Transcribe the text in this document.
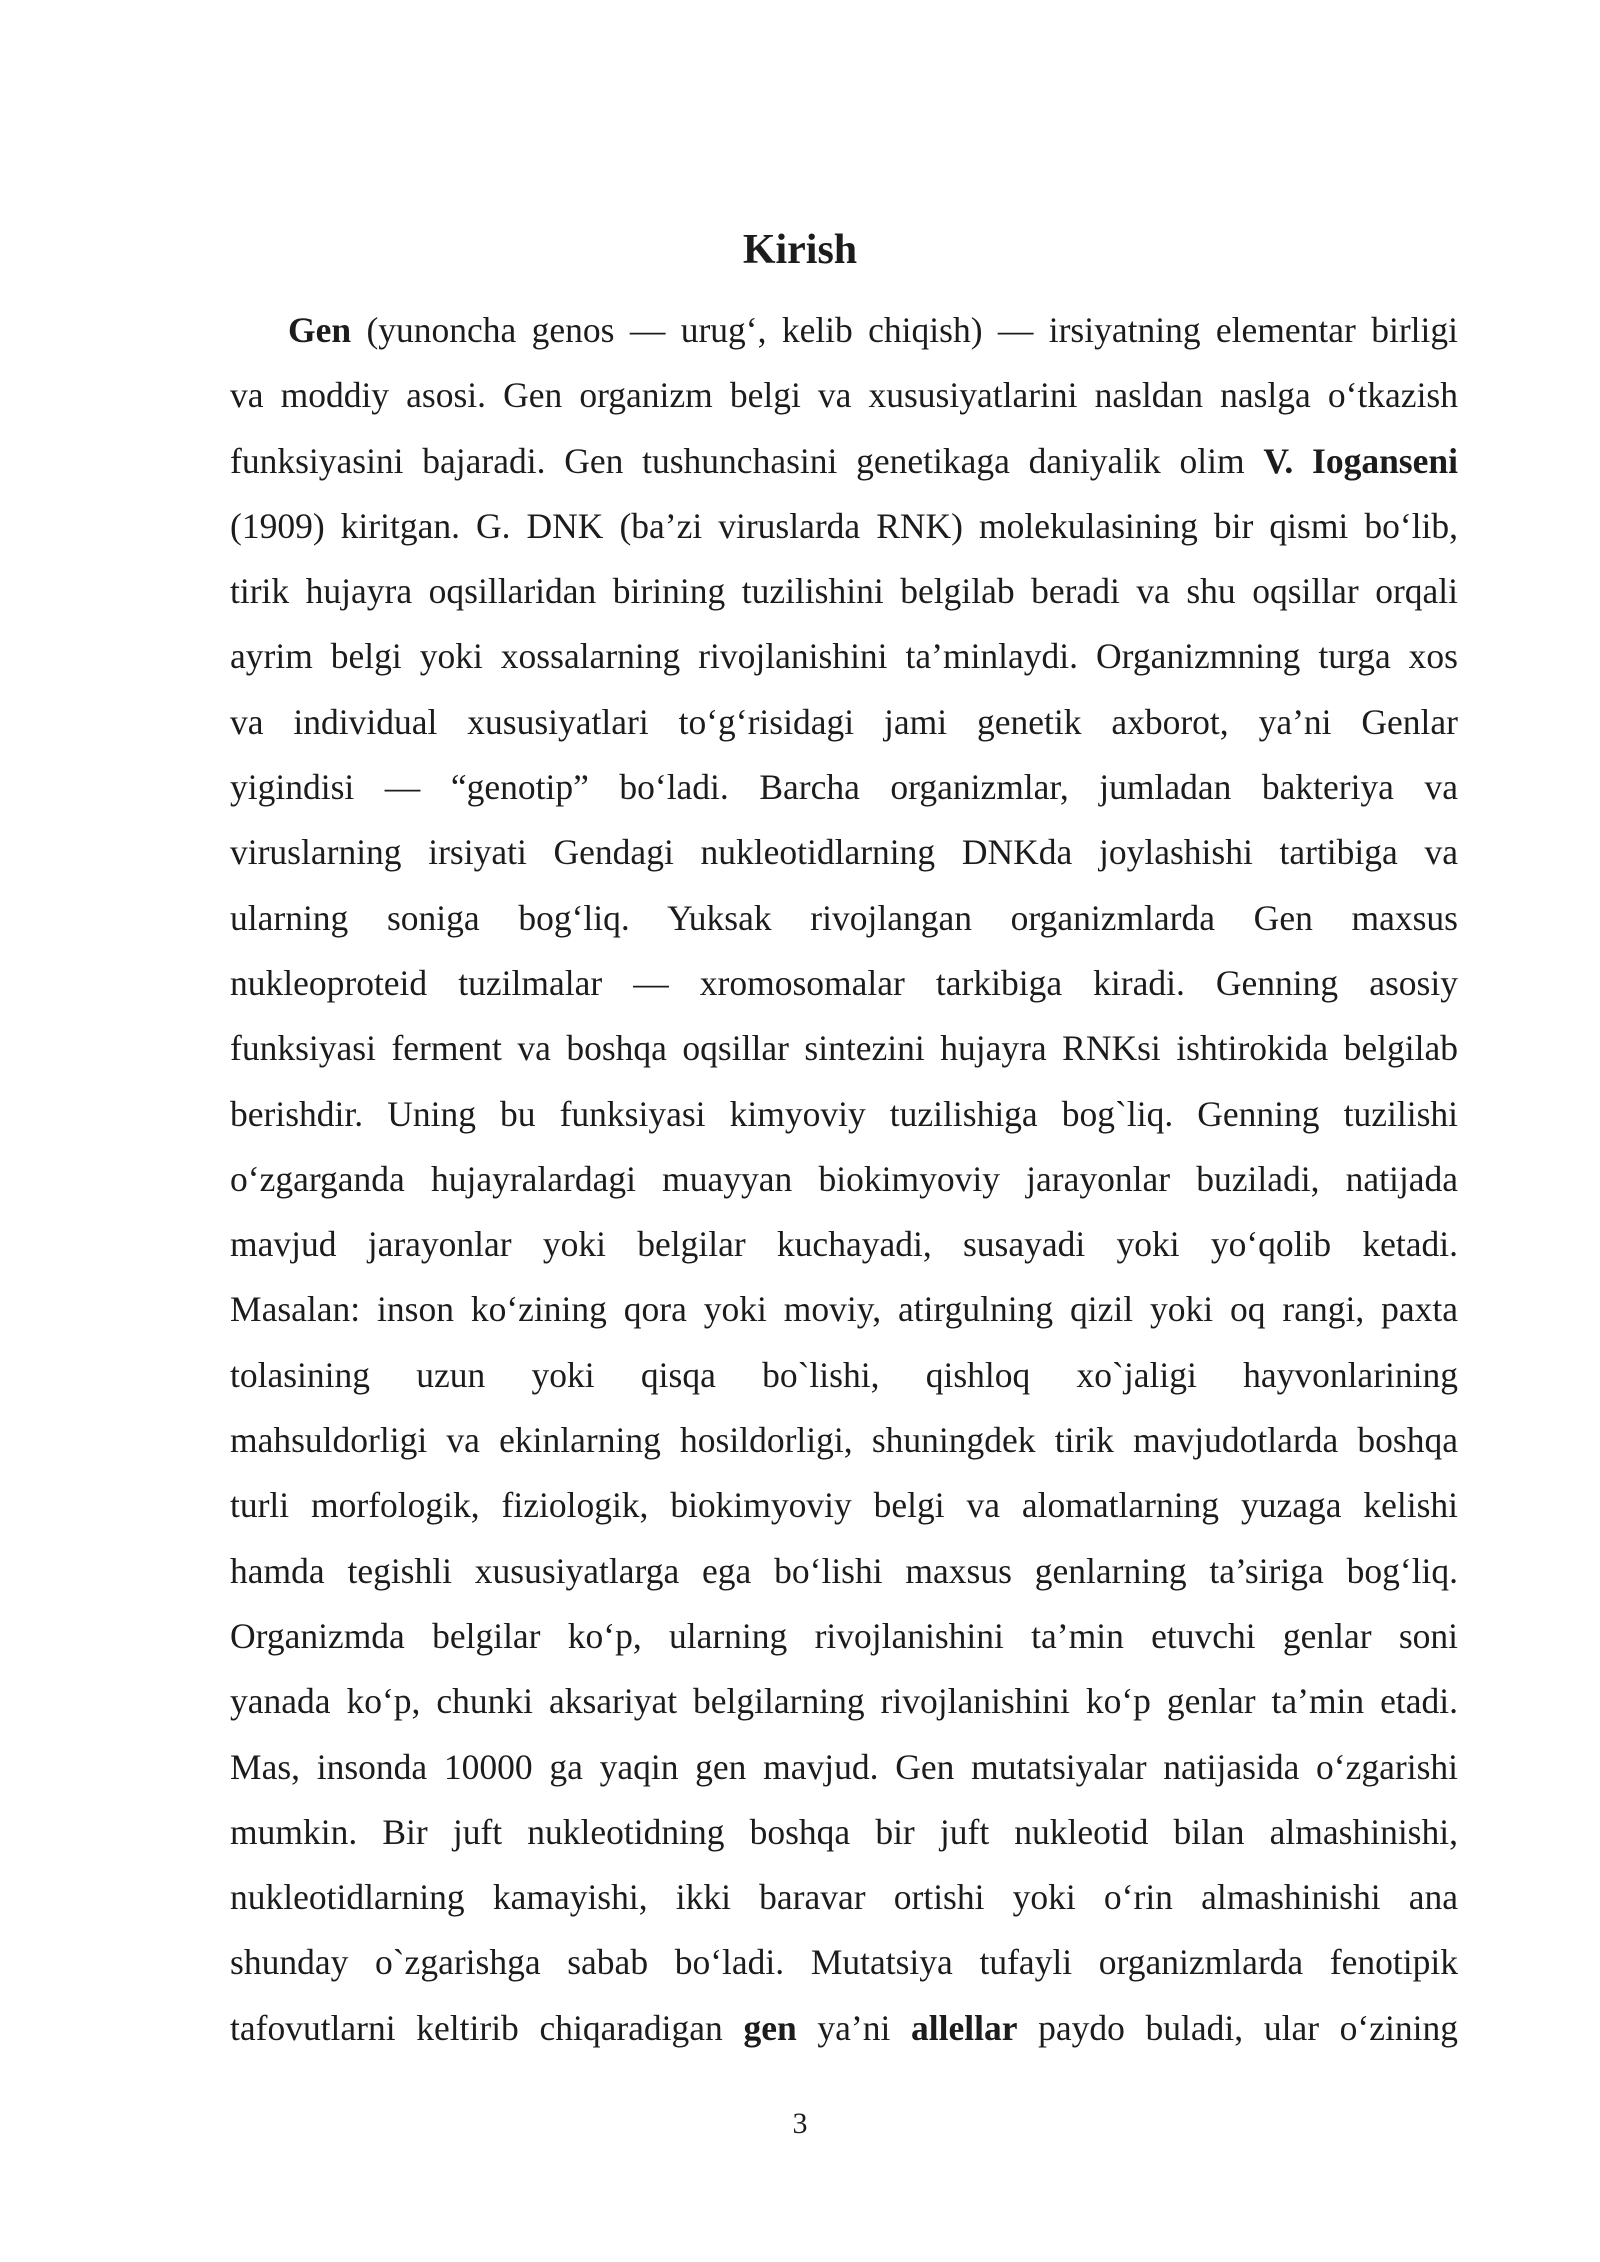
Kirish
Gen (yunoncha genos — urug‘, kelib chiqish) — irsiyatning elementar birligi
va moddiy asosi. Gen organizm belgi va xususiyatlarini nasldan naslga o‘tkazish
funksiyasini bajaradi. Gen tushunchasini genetikaga daniyalik olim V. Ioganseni
(1909) kiritgan. G. DNK (ba’zi viruslarda RNK) molekulasining bir qismi bo‘lib,
tirik hujayra oqsillaridan birining tuzilishini belgilab beradi va shu oqsillar orqali
ayrim belgi yoki xossalarning rivojlanishini ta’minlaydi. Organizmning turga xos
va individual xususiyatlari to‘g‘risidagi jami genetik axborot, ya’ni Genlar
yigindisi — “genotip” bo‘ladi. Barcha organizmlar, jumladan bakteriya va
viruslarning irsiyati Gendagi nukleotidlarning DNKda joylashishi tartibiga va
ularning soniga bog‘liq. Yuksak rivojlangan organizmlarda Gen maxsus
nukleoproteid tuzilmalar — xromosomalar tarkibiga kiradi. Genning asosiy
funksiyasi ferment va boshqa oqsillar sintezini hujayra RNKsi ishtirokida belgilab
berishdir. Uning bu funksiyasi kimyoviy tuzilishiga bog`liq. Genning tuzilishi
o‘zgarganda hujayralardagi muayyan biokimyoviy jarayonlar buziladi, natijada
mavjud jarayonlar yoki belgilar kuchayadi, susayadi yoki yo‘qolib ketadi.
Masalan: inson ko‘zining qora yoki moviy, atirgulning qizil yoki oq rangi, paxta
tolasining uzun yoki qisqa bo`lishi, qishloq xo`jaligi hayvonlarining
mahsuldorligi va ekinlarning hosildorligi, shuningdek tirik mavjudotlarda boshqa
turli morfologik, fiziologik, biokimyoviy belgi va alomatlarning yuzaga kelishi
hamda tegishli xususiyatlarga ega bo‘lishi maxsus genlarning ta’siriga bog‘liq.
Organizmda belgilar ko‘p, ularning rivojlanishini ta’min etuvchi genlar soni
yanada ko‘p, chunki aksariyat belgilarning rivojlanishini ko‘p genlar ta’min etadi.
Mas, insonda 10000 ga yaqin gen mavjud. Gen mutatsiyalar natijasida o‘zgarishi
mumkin. Bir juft nukleotidning boshqa bir juft nukleotid bilan almashinishi,
nukleotidlarning kamayishi, ikki baravar ortishi yoki o‘rin almashinishi ana
shunday o`zgarishga sabab bo‘ladi. Mutatsiya tufayli organizmlarda fenotipik
tafovutlarni keltirib chiqaradigan gen ya’ni allellar paydo buladi, ular o‘zining
3
